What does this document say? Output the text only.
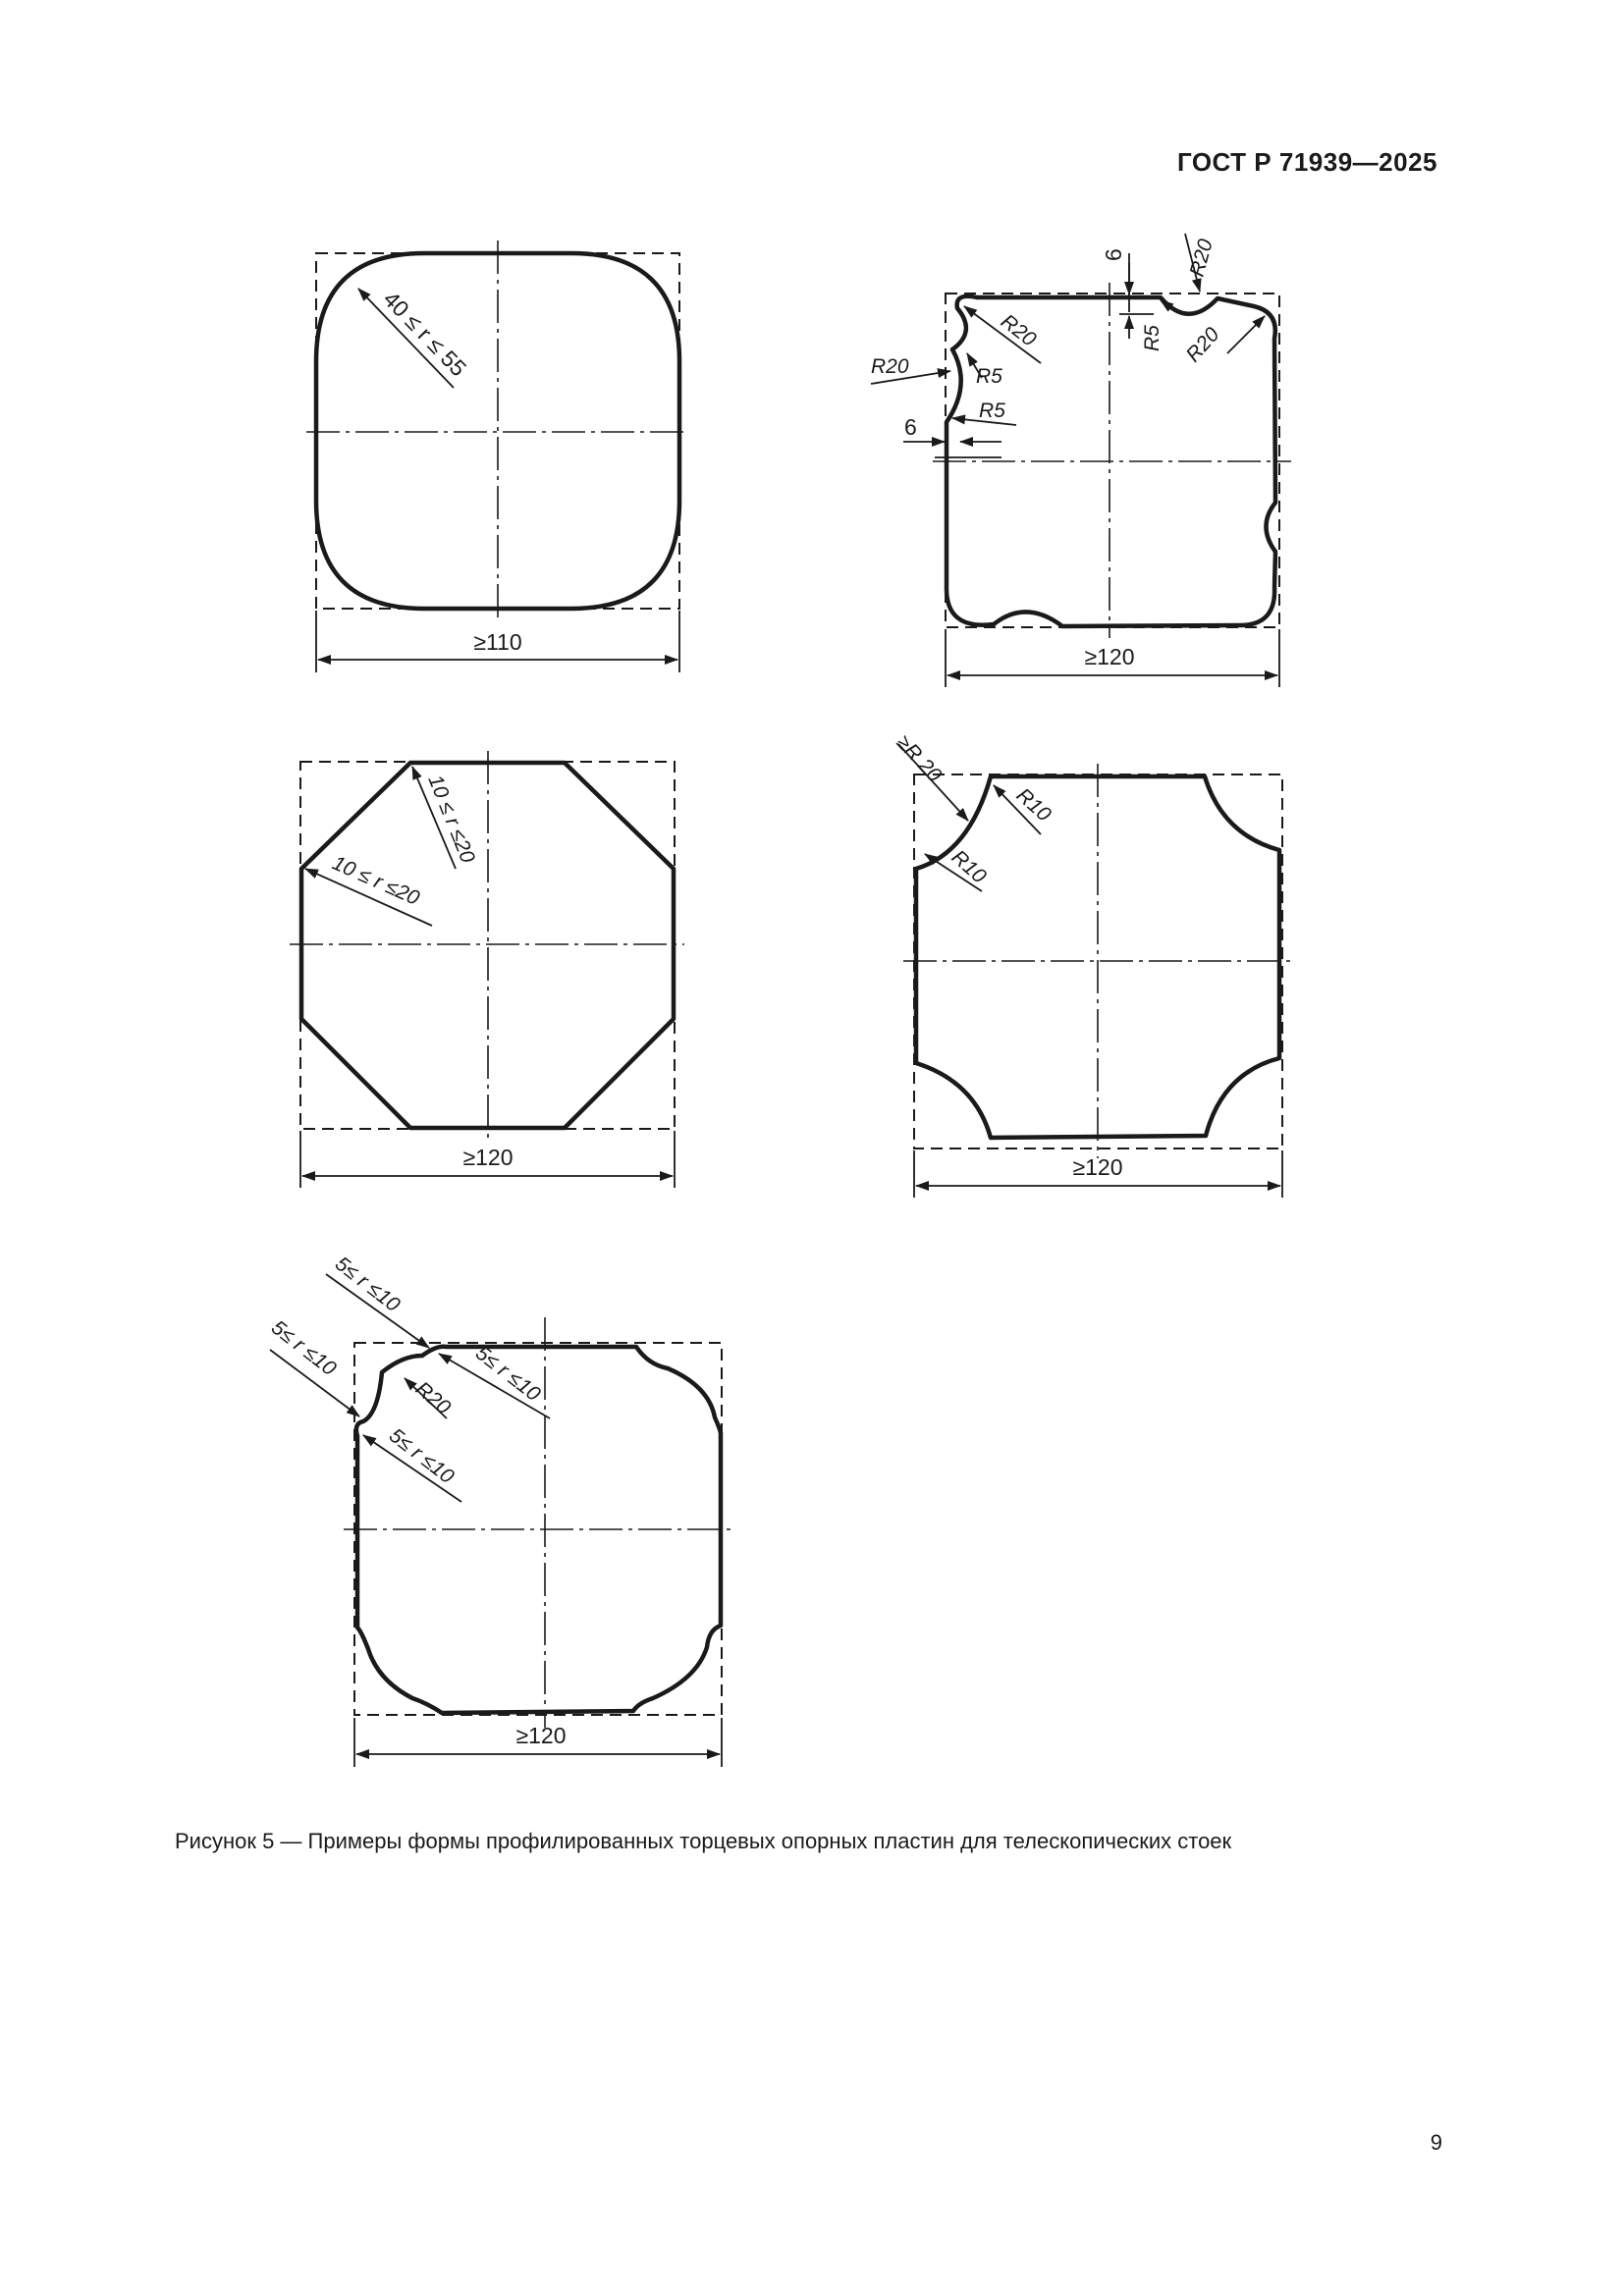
ГОСТ Р 71939—2025
40 ≤ r ≤ 55
≥110
R20
R20
R20
R20	R5
R5
R5
6
6
≥120
10 ≤ r ≤20
10 ≤ r ≤20
≥120
≥R 20
R10
R10
≥120
5≤ r ≤10
5≤ r ≤10	5≤ r ≤10
5≤ r ≤10
R20
≥120
Рисунок 5 — Примеры формы профилированных торцевых опорных пластин для телескопических стоек
9
